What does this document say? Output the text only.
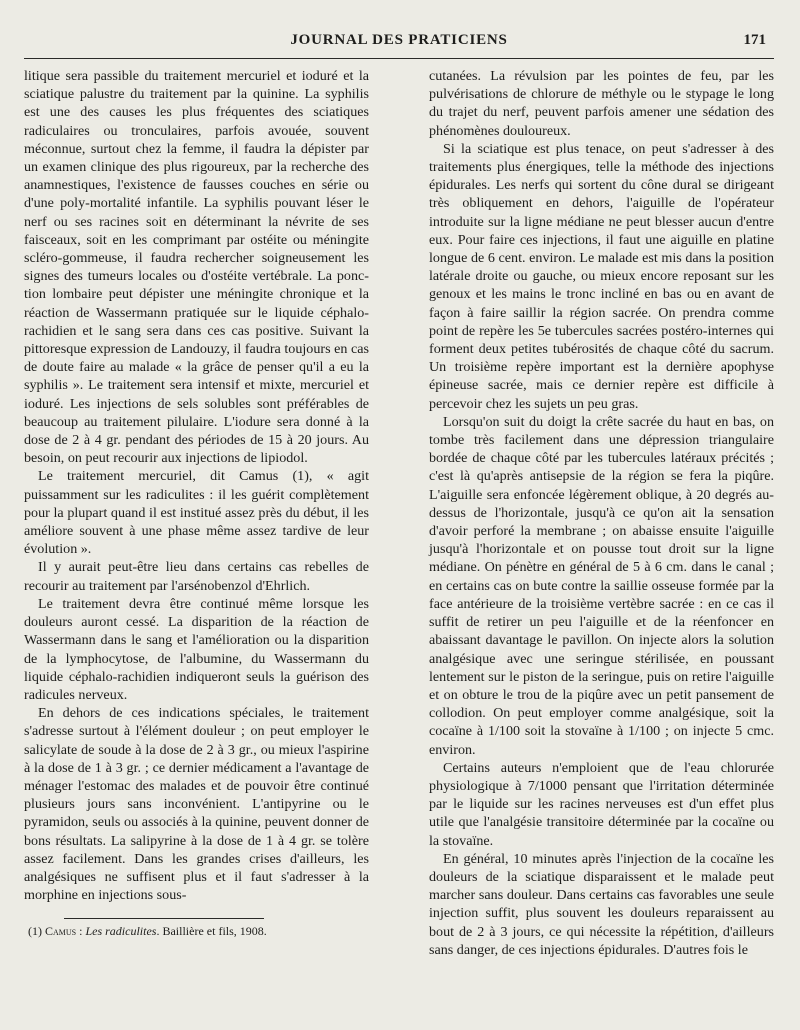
JOURNAL DES PRATICIENS	171

litique sera passible du traitement mercuriel et ioduré et la sciatique palustre du traitement par la quinine. La syphilis est une des causes les plus fréquentes des sciatiques radiculaires ou tronculaires, parfois avouée, souvent méconnue, surtout chez la femme, il faudra la dépister par un examen clinique des plus rigoureux, par la recherche des anamnestiques, l'existence de fausses couches en série ou d'une poly-mortalité infantile. La syphilis pouvant léser le nerf ou ses racines soit en déterminant la névrite de ses faisceaux, soit en les comprimant par ostéite ou méningite scléro-gommeuse, il faudra rechercher soigneusement les signes des tumeurs locales ou d'ostéite vertébrale. La ponction lombaire peut dépister une méningite chronique et la réaction de Wassermann pratiquée sur le liquide céphalo-rachidien et le sang sera dans ces cas positive. Suivant la pittoresque expression de Landouzy, il faudra toujours en cas de doute faire au malade « la grâce de penser qu'il a eu la syphilis ». Le traitement sera intensif et mixte, mercuriel et ioduré. Les injections de sels solubles sont préférables de beaucoup au traitement pilulaire. L'iodure sera donné à la dose de 2 à 4 gr. pendant des périodes de 15 à 20 jours. Au besoin, on peut recourir aux injections de lipiodol.

Le traitement mercuriel, dit Camus (1), « agit puissamment sur les radiculites : il les guérit complètement pour la plupart quand il est institué assez près du début, il les améliore souvent à une phase même assez tardive de leur évolution ».

Il y aurait peut-être lieu dans certains cas rebelles de recourir au traitement par l'arsénobenzol d'Ehrlich.

Le traitement devra être continué même lorsque les douleurs auront cessé. La disparition de la réaction de Wassermann dans le sang et l'amélioration ou la disparition de la lymphocytose, de l'albumine, du Wassermann du liquide céphalo-rachidien indiqueront seuls la guérison des radicules nerveux.

En dehors de ces indications spéciales, le traitement s'adresse surtout à l'élément douleur ; on peut employer le salicylate de soude à la dose de 2 à 3 gr., ou mieux l'aspirine à la dose de 1 à 3 gr. ; ce dernier médicament a l'avantage de ménager l'estomac des malades et de pouvoir être continué plusieurs jours sans inconvénient. L'antipyrine ou le pyramidon, seuls ou associés à la quinine, peuvent donner de bons résultats. La salipyrine à la dose de 1 à 4 gr. se tolère assez facilement. Dans les grandes crises d'ailleurs, les analgésiques ne suffisent plus et il faut s'adresser à la morphine en injections sous-

(1) Camus : Les radiculites. Baillière et fils, 1908.

cutanées. La révulsion par les pointes de feu, par les pulvérisations de chlorure de méthyle ou le stypage le long du trajet du nerf, peuvent parfois amener une sédation des phénomènes douloureux.

Si la sciatique est plus tenace, on peut s'adresser à des traitements plus énergiques, telle la méthode des injections épidurales. Les nerfs qui sortent du cône dural se dirigeant très obliquement en dehors, l'aiguille de l'opérateur introduite sur la ligne médiane ne peut blesser aucun d'entre eux. Pour faire ces injections, il faut une aiguille en platine longue de 6 cent. environ. Le malade est mis dans la position latérale droite ou gauche, ou mieux encore reposant sur les genoux et les mains le tronc incliné en bas ou en avant de façon à faire saillir la région sacrée. On prendra comme point de repère les 5e tubercules sacrées postéro-internes qui forment deux petites tubérosités de chaque côté du sacrum. Un troisième repère important est la dernière apophyse épineuse sacrée, mais ce dernier repère est difficile à percevoir chez les sujets un peu gras.

Lorsqu'on suit du doigt la crête sacrée du haut en bas, on tombe très facilement dans une dépression triangulaire bordée de chaque côté par les tubercules latéraux précités ; c'est là qu'après antisepsie de la région se fera la piqûre. L'aiguille sera enfoncée légèrement oblique, à 20 degrés au-dessus de l'horizontale, jusqu'à ce qu'on ait la sensation d'avoir perforé la membrane ; on abaisse ensuite l'aiguille jusqu'à l'horizontale et on pousse tout droit sur la ligne médiane. On pénètre en général de 5 à 6 cm. dans le canal ; en certains cas on bute contre la saillie osseuse formée par la face antérieure de la troisième vertèbre sacrée : en ce cas il suffit de retirer un peu l'aiguille et de la réenfoncer en abaissant davantage le pavillon. On injecte alors la solution analgésique avec une seringue stérilisée, en poussant lentement sur le piston de la seringue, puis on retire l'aiguille et on obture le trou de la piqûre avec un petit pansement de collodion. On peut employer comme analgésique, soit la cocaïne à 1/100 soit la stovaïne à 1/100 ; on injecte 5 cmc. environ.

Certains auteurs n'emploient que de l'eau chlorurée physiologique à 7/1000 pensant que l'irritation déterminée par le liquide sur les racines nerveuses est d'un effet plus utile que l'analgésie transitoire déterminée par la cocaïne ou la stovaïne.

En général, 10 minutes après l'injection de la cocaïne les douleurs de la sciatique disparaissent et le malade peut marcher sans douleur. Dans certains cas favorables une seule injection suffit, plus souvent les douleurs reparaissent au bout de 2 à 3 jours, ce qui nécessite la répétition, d'ailleurs sans danger, de ces injections épidurales. D'autres fois le
